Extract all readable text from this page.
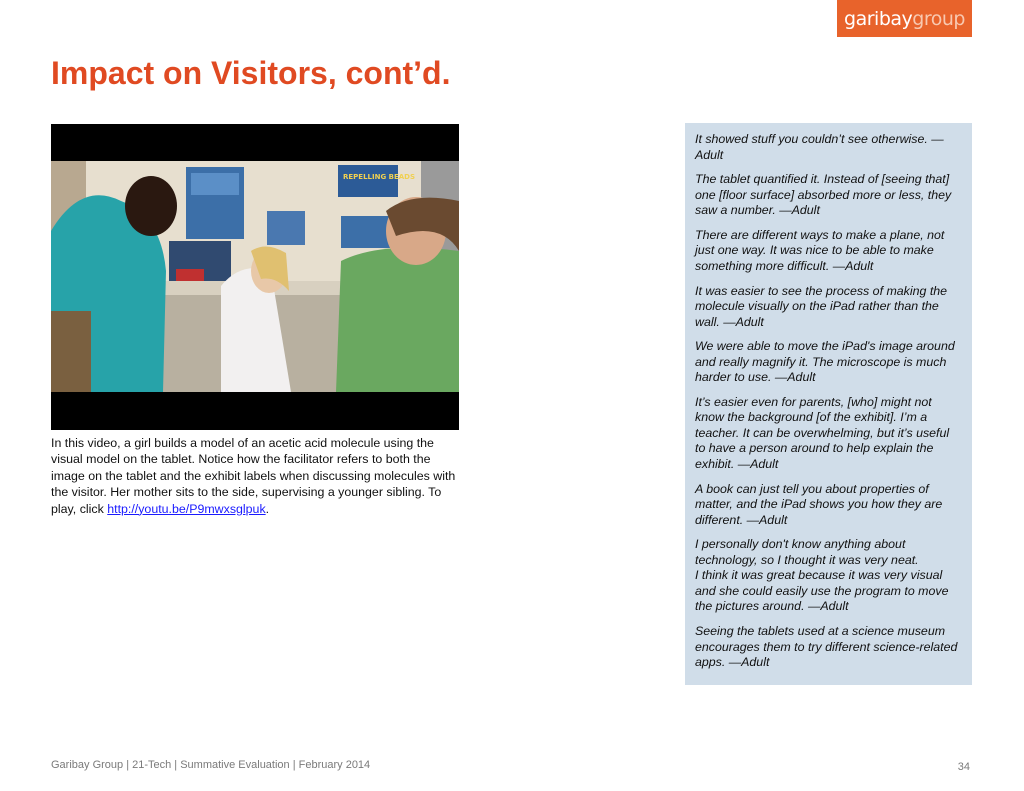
garibay group
Impact on Visitors, cont’d.
REPELLING BEADS

In this video, a girl builds a model of an acetic acid molecule using the visual model on the tablet. Notice how the facilitator refers to both the image on the tablet and the exhibit labels when discussing molecules with the visitor. Her mother sits to the side, supervising a younger sibling. To play, click http://youtu.be/P9mwxsglpuk.

It showed stuff you couldn’t see otherwise. —Adult

The tablet quantified it. Instead of [seeing that] one [floor surface] absorbed more or less, they saw a number. —Adult

There are different ways to make a plane, not just one way. It was nice to be able to make something more difficult. —Adult

It was easier to see the process of making the molecule visually on the iPad rather than the wall. —Adult

We were able to move the iPad's image around and really magnify it. The microscope is much harder to use. —Adult

It’s easier even for parents, [who] might not know the background [of the exhibit]. I’m a teacher. It can be overwhelming, but it’s useful to have a person around to help explain the exhibit. —Adult

A book can just tell you about properties of matter, and the iPad shows you how they are different. —Adult

I personally don't know anything about technology, so I thought it was very neat.
I think it was great because it was very visual and she could easily use the program to move the pictures around. —Adult

Seeing the tablets used at a science museum encourages them to try different science-related apps. —Adult

Garibay Group | 21-Tech | Summative Evaluation | February 2014	34
